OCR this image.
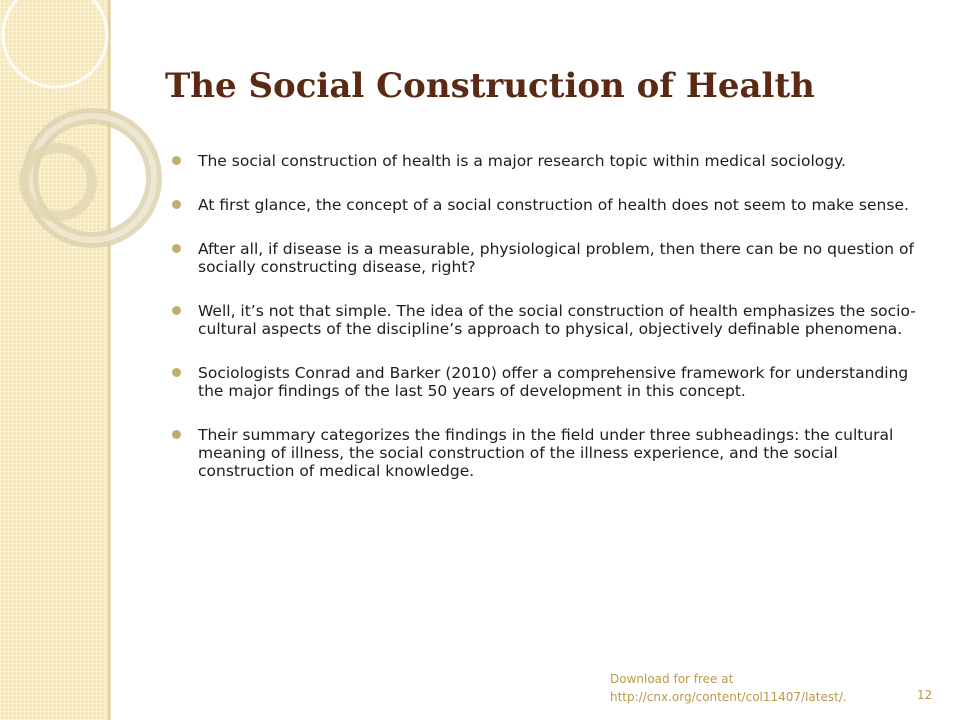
The Social Construction of Health
The social construction of health is a major research topic within medical sociology.
At first glance, the concept of a social construction of health does not seem to make sense.
After all, if disease is a measurable, physiological problem, then there can be no question of socially constructing disease, right?
Well, it’s not that simple. The idea of the social construction of health emphasizes the socio-cultural aspects of the discipline’s approach to physical, objectively definable phenomena.
Sociologists Conrad and Barker (2010) offer a comprehensive framework for understanding the major findings of the last 50 years of development in this concept.
Their summary categorizes the findings in the field under three subheadings: the cultural meaning of illness, the social construction of the illness experience, and the social construction of medical knowledge.
Download for free at
http://cnx.org/content/col11407/latest/.	12
